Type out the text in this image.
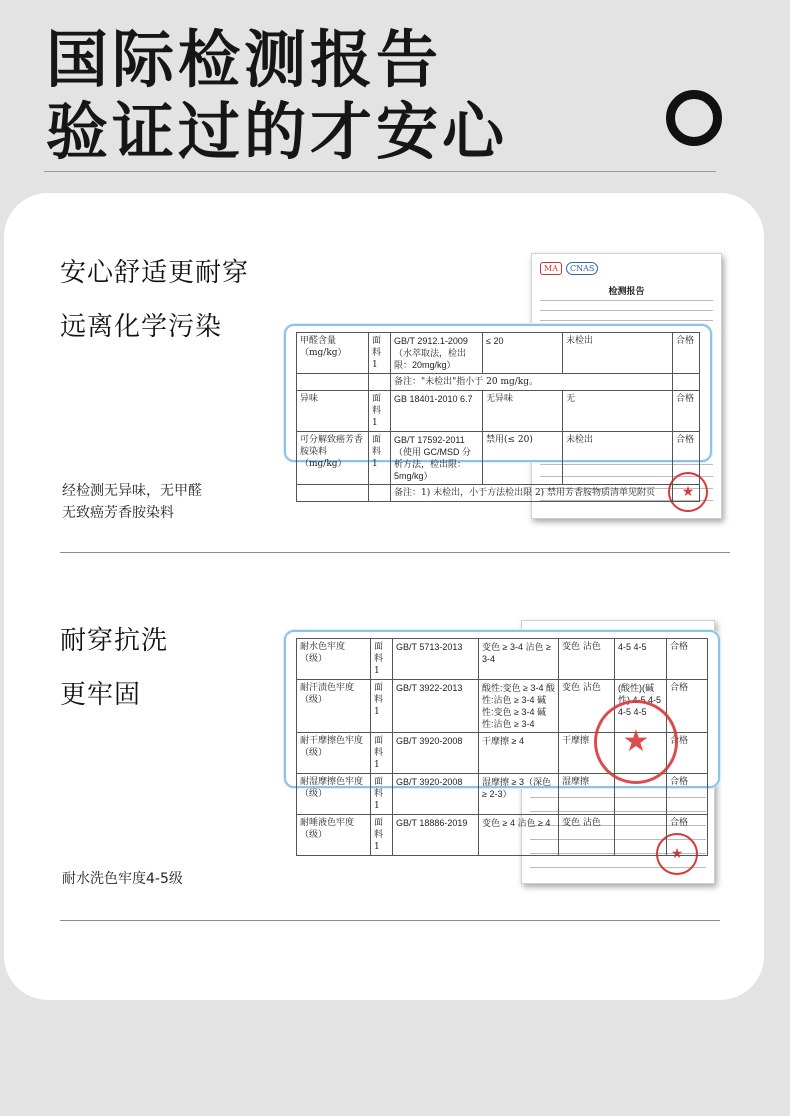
国际检测报告
验证过的才安心
安心舒适更耐穿
远离化学污染
经检测无异味，无甲醛
无致癌芳香胺染料
MA	CNAS
检测报告
★
甲醛含量（mg/kg）	面料 1	GB/T 2912.1-2009 （水萃取法，检出限：20mg/kg）	≤ 20	未检出	合格
		备注："未检出"指小于 20 mg/kg。			
异味	面料 1	GB 18401-2010 6.7	无异味	无	合格
可分解致癌芳香胺染料（mg/kg）	面料 1	GB/T 17592-2011 （使用 GC/MSD 分析方法，检出限：5mg/kg）	禁用(≤ 20)	未检出	合格
		备注：1) 未检出，小于方法检出限 2) 禁用芳香胺物质清单见附页			
耐穿抗洗
更牢固
耐水洗色牢度4-5级
★
耐水色牢度（级）	面料 1	GB/T 5713-2013	变色 ≥ 3-4 沾色 ≥ 3-4	变色 沾色	4-5 4-5	合格
耐汗渍色牢度（级）	面料 1	GB/T 3922-2013	酸性:变色 ≥ 3-4 酸性:沾色 ≥ 3-4 碱性:变色 ≥ 3-4 碱性:沾色 ≥ 3-4	变色 沾色	(酸性)(碱性) 4-5 4-5 4-5 4-5	合格
耐干摩擦色牢度（级）	面料 1	GB/T 3920-2008	干摩擦 ≥ 4	干摩擦		合格
耐湿摩擦色牢度（级）	面料 1	GB/T 3920-2008	湿摩擦 ≥ 3（深色≥ 2-3）	湿摩擦		合格
耐唾液色牢度（级）	面料 1	GB/T 18886-2019	变色 ≥ 4 沾色 ≥ 4	变色 沾色		合格
★
